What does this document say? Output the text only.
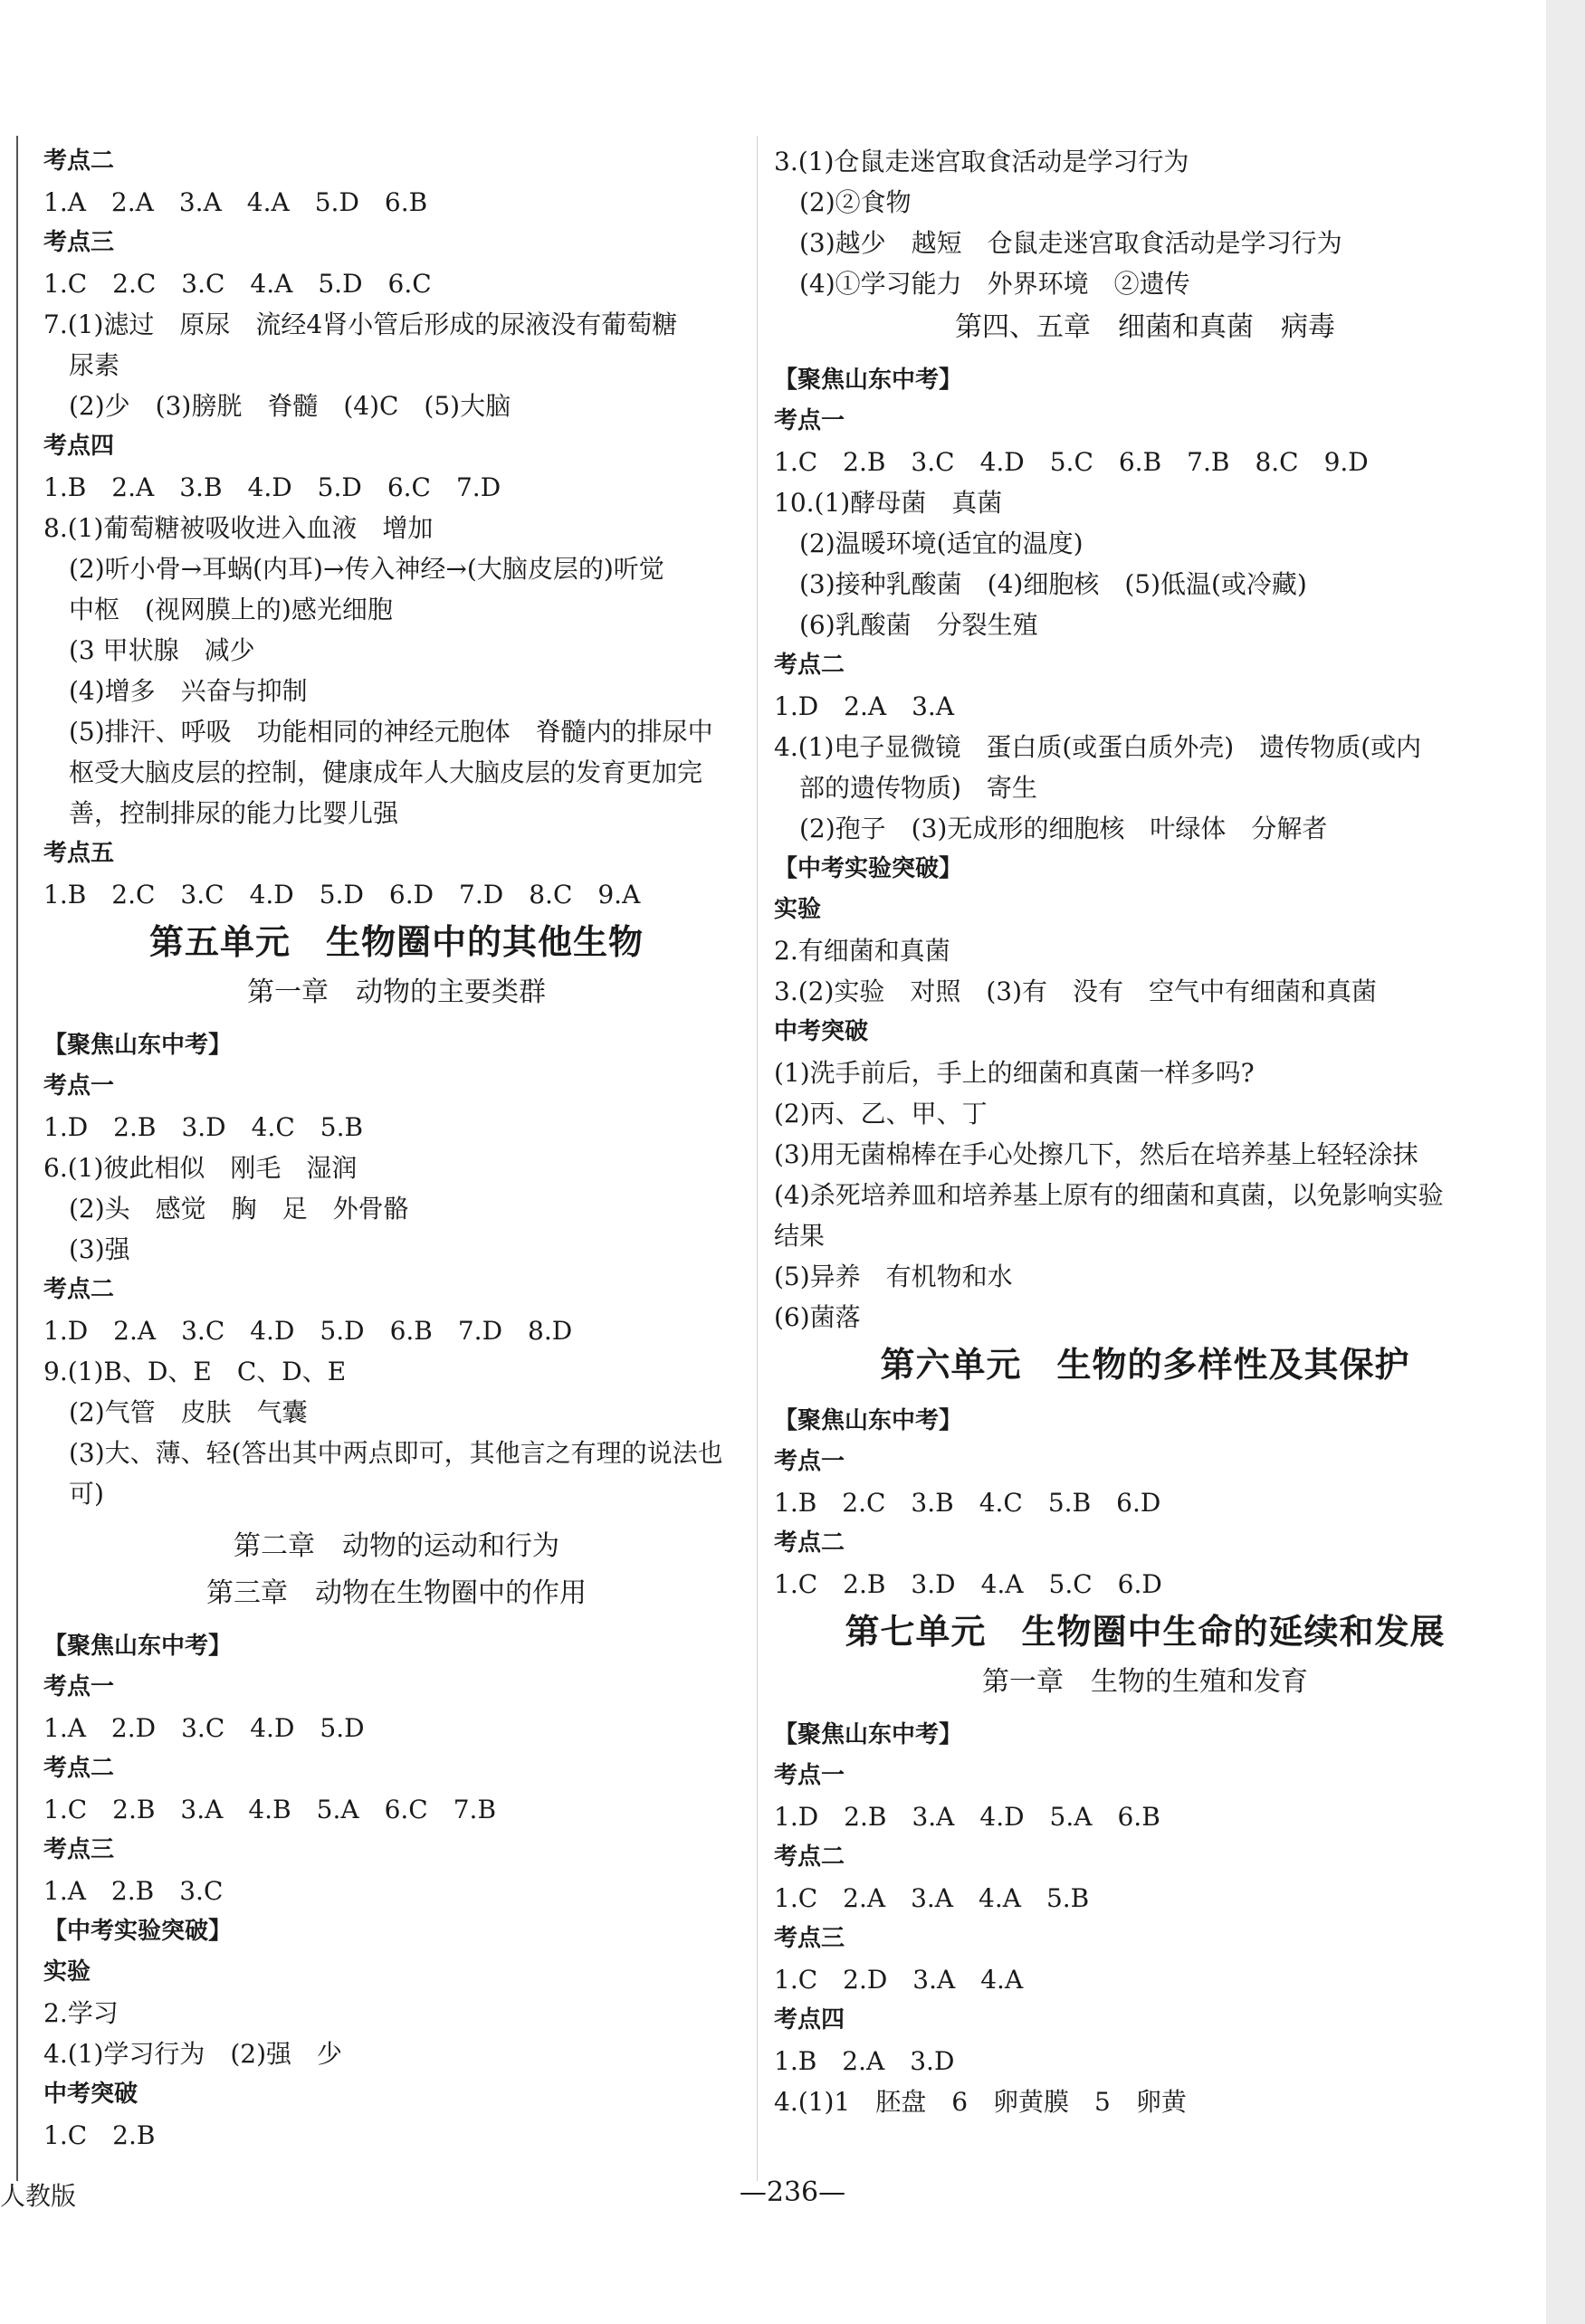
考点二
1.A　2.A　3.A　4.A　5.D　6.B
考点三
1.C　2.C　3.C　4.A　5.D　6.C
7.(1)滤过　原尿　流经4肾小管后形成的尿液没有葡萄糖
尿素
(2)少　(3)膀胱　脊髓　(4)C　(5)大脑
考点四
1.B　2.A　3.B　4.D　5.D　6.C　7.D
8.(1)葡萄糖被吸收进入血液　增加
(2)听小骨→耳蜗(内耳)→传入神经→(大脑皮层的)听觉
中枢　(视网膜上的)感光细胞
(3 甲状腺　减少
(4)增多　兴奋与抑制
(5)排汗、呼吸　功能相同的神经元胞体　脊髓内的排尿中
枢受大脑皮层的控制，健康成年人大脑皮层的发育更加完
善，控制排尿的能力比婴儿强
考点五
1.B　2.C　3.C　4.D　5.D　6.D　7.D　8.C　9.A
第五单元　生物圈中的其他生物
第一章　动物的主要类群
【聚焦山东中考】
考点一
1.D　2.B　3.D　4.C　5.B
6.(1)彼此相似　刚毛　湿润
(2)头　感觉　胸　足　外骨骼
(3)强
考点二
1.D　2.A　3.C　4.D　5.D　6.B　7.D　8.D
9.(1)B、D、E　C、D、E
(2)气管　皮肤　气囊
(3)大、薄、轻(答出其中两点即可，其他言之有理的说法也
可)
第二章　动物的运动和行为
第三章　动物在生物圈中的作用
【聚焦山东中考】
考点一
1.A　2.D　3.C　4.D　5.D
考点二
1.C　2.B　3.A　4.B　5.A　6.C　7.B
考点三
1.A　2.B　3.C
【中考实验突破】
实验
2.学习
4.(1)学习行为　(2)强　少
中考突破
1.C　2.B
3.(1)仓鼠走迷宫取食活动是学习行为
(2)②食物
(3)越少　越短　仓鼠走迷宫取食活动是学习行为
(4)①学习能力　外界环境　②遗传
第四、五章　细菌和真菌　病毒
【聚焦山东中考】
考点一
1.C　2.B　3.C　4.D　5.C　6.B　7.B　8.C　9.D
10.(1)酵母菌　真菌
(2)温暖环境(适宜的温度)
(3)接种乳酸菌　(4)细胞核　(5)低温(或冷藏)
(6)乳酸菌　分裂生殖
考点二
1.D　2.A　3.A
4.(1)电子显微镜　蛋白质(或蛋白质外壳)　遗传物质(或内
部的遗传物质)　寄生
(2)孢子　(3)无成形的细胞核　叶绿体　分解者
【中考实验突破】
实验
2.有细菌和真菌
3.(2)实验　对照　(3)有　没有　空气中有细菌和真菌
中考突破
(1)洗手前后，手上的细菌和真菌一样多吗?
(2)丙、乙、甲、丁
(3)用无菌棉棒在手心处擦几下，然后在培养基上轻轻涂抹
(4)杀死培养皿和培养基上原有的细菌和真菌，以免影响实验
结果
(5)异养　有机物和水
(6)菌落
第六单元　生物的多样性及其保护
【聚焦山东中考】
考点一
1.B　2.C　3.B　4.C　5.B　6.D
考点二
1.C　2.B　3.D　4.A　5.C　6.D
第七单元　生物圈中生命的延续和发展
第一章　生物的生殖和发育
【聚焦山东中考】
考点一
1.D　2.B　3.A　4.D　5.A　6.B
考点二
1.C　2.A　3.A　4.A　5.B
考点三
1.C　2.D　3.A　4.A
考点四
1.B　2.A　3.D
4.(1)1　胚盘　6　卵黄膜　5　卵黄
人教版	—236—
